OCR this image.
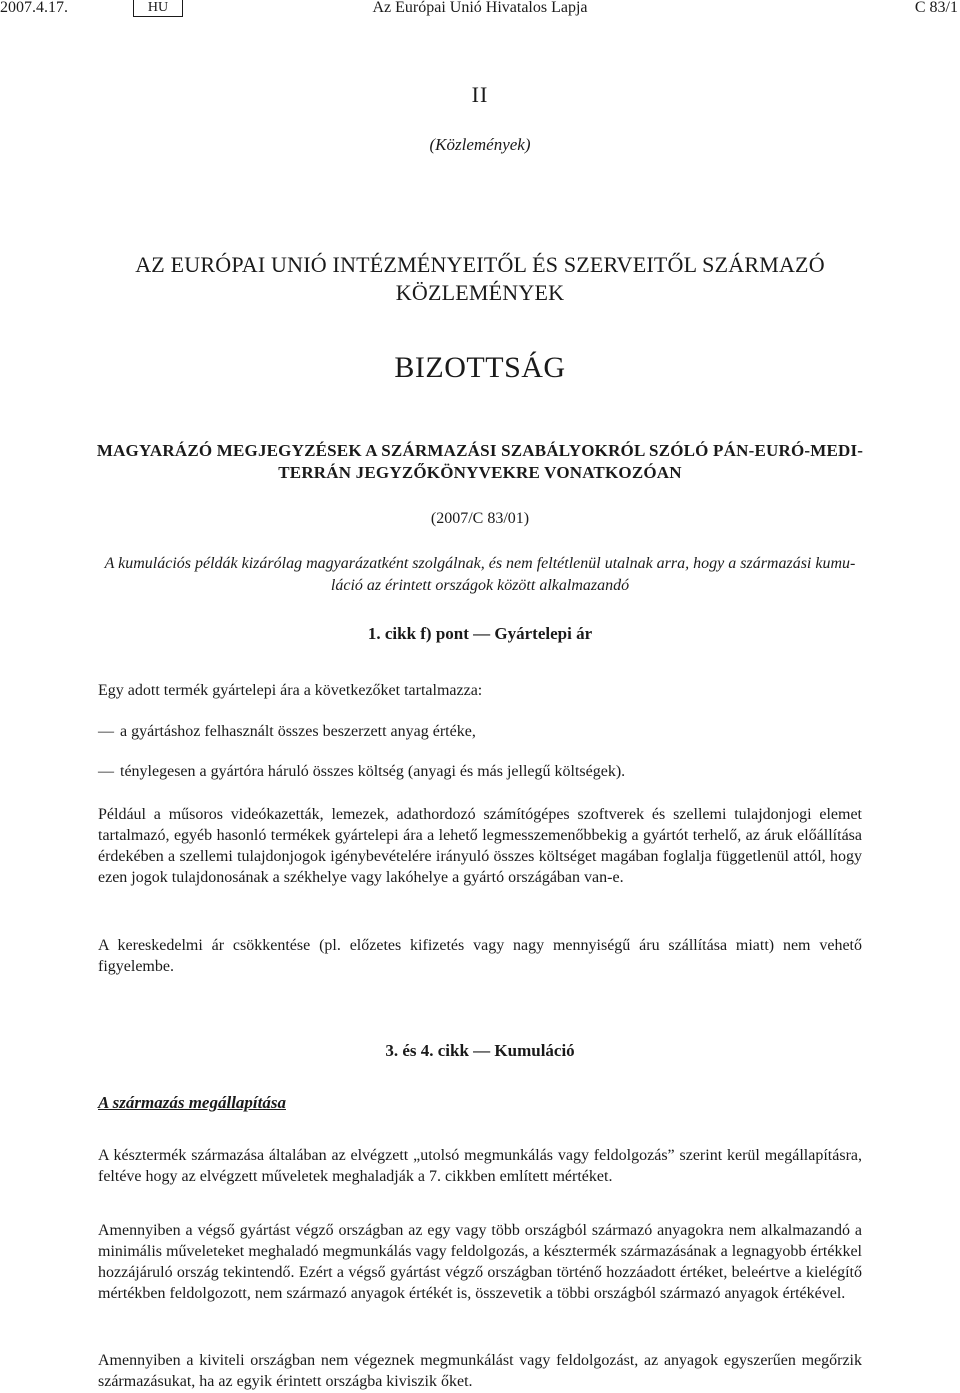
2007.4.17.	HU	Az Európai Unió Hivatalos Lapja	C 83/1
II
(Közlemények)
AZ EURÓPAI UNIÓ INTÉZMÉNYEITŐL ÉS SZERVEITŐL SZÁRMAZÓ
KÖZLEMÉNYEK
BIZOTTSÁG
MAGYARÁZÓ MEGJEGYZÉSEK A SZÁRMAZÁSI SZABÁLYOKRÓL SZÓLÓ PÁN-EURÓ-MEDI-
TERRÁN JEGYZŐKÖNYVEKRE VONATKOZÓAN
(2007/C 83/01)
A kumulációs példák kizárólag magyarázatként szolgálnak, és nem feltétlenül utalnak arra, hogy a származási kumu-
láció az érintett országok között alkalmazandó
1. cikk f) pont — Gyártelepi ár

Egy adott termék gyártelepi ára a következőket tartalmazza:

— a gyártáshoz felhasznált összes beszerzett anyag értéke,
— ténylegesen a gyártóra háruló összes költség (anyagi és más jellegű költségek).

Például a műsoros videókazetták, lemezek, adathordozó számítógépes szoftverek és szellemi tulajdonjogi elemet tartalmazó, egyéb hasonló termékek gyártelepi ára a lehető legmesszemenőbbekig a gyártót terhelő, az áruk előállítása érdekében a szellemi tulajdonjogok igénybevételére irányuló összes költséget magában foglalja függetlenül attól, hogy ezen jogok tulajdonosának a székhelye vagy lakóhelye a gyártó országában van-e.

A kereskedelmi ár csökkentése (pl. előzetes kifizetés vagy nagy mennyiségű áru szállítása miatt) nem vehető figyelembe.

3. és 4. cikk — Kumuláció
A származás megállapítása

A késztermék származása általában az elvégzett „utolsó megmunkálás vagy feldolgozás” szerint kerül megállapításra, feltéve hogy az elvégzett műveletek meghaladják a 7. cikkben említett mértéket.

Amennyiben a végső gyártást végző országban az egy vagy több országból származó anyagokra nem alkalmazandó a minimális műveleteket meghaladó megmunkálás vagy feldolgozás, a késztermék származásának a legnagyobb értékkel hozzájáruló ország tekintendő. Ezért a végső gyártást végző országban történő hozzáadott értéket, beleértve a kielégítő mértékben feldolgozott, nem származó anyagok értékét is, összevetik a többi országból származó anyagok értékével.

Amennyiben a kiviteli országban nem végeznek megmunkálást vagy feldolgozást, az anyagok egyszerűen megőrzik származásukat, ha az egyik érintett országba kiviszik őket.
